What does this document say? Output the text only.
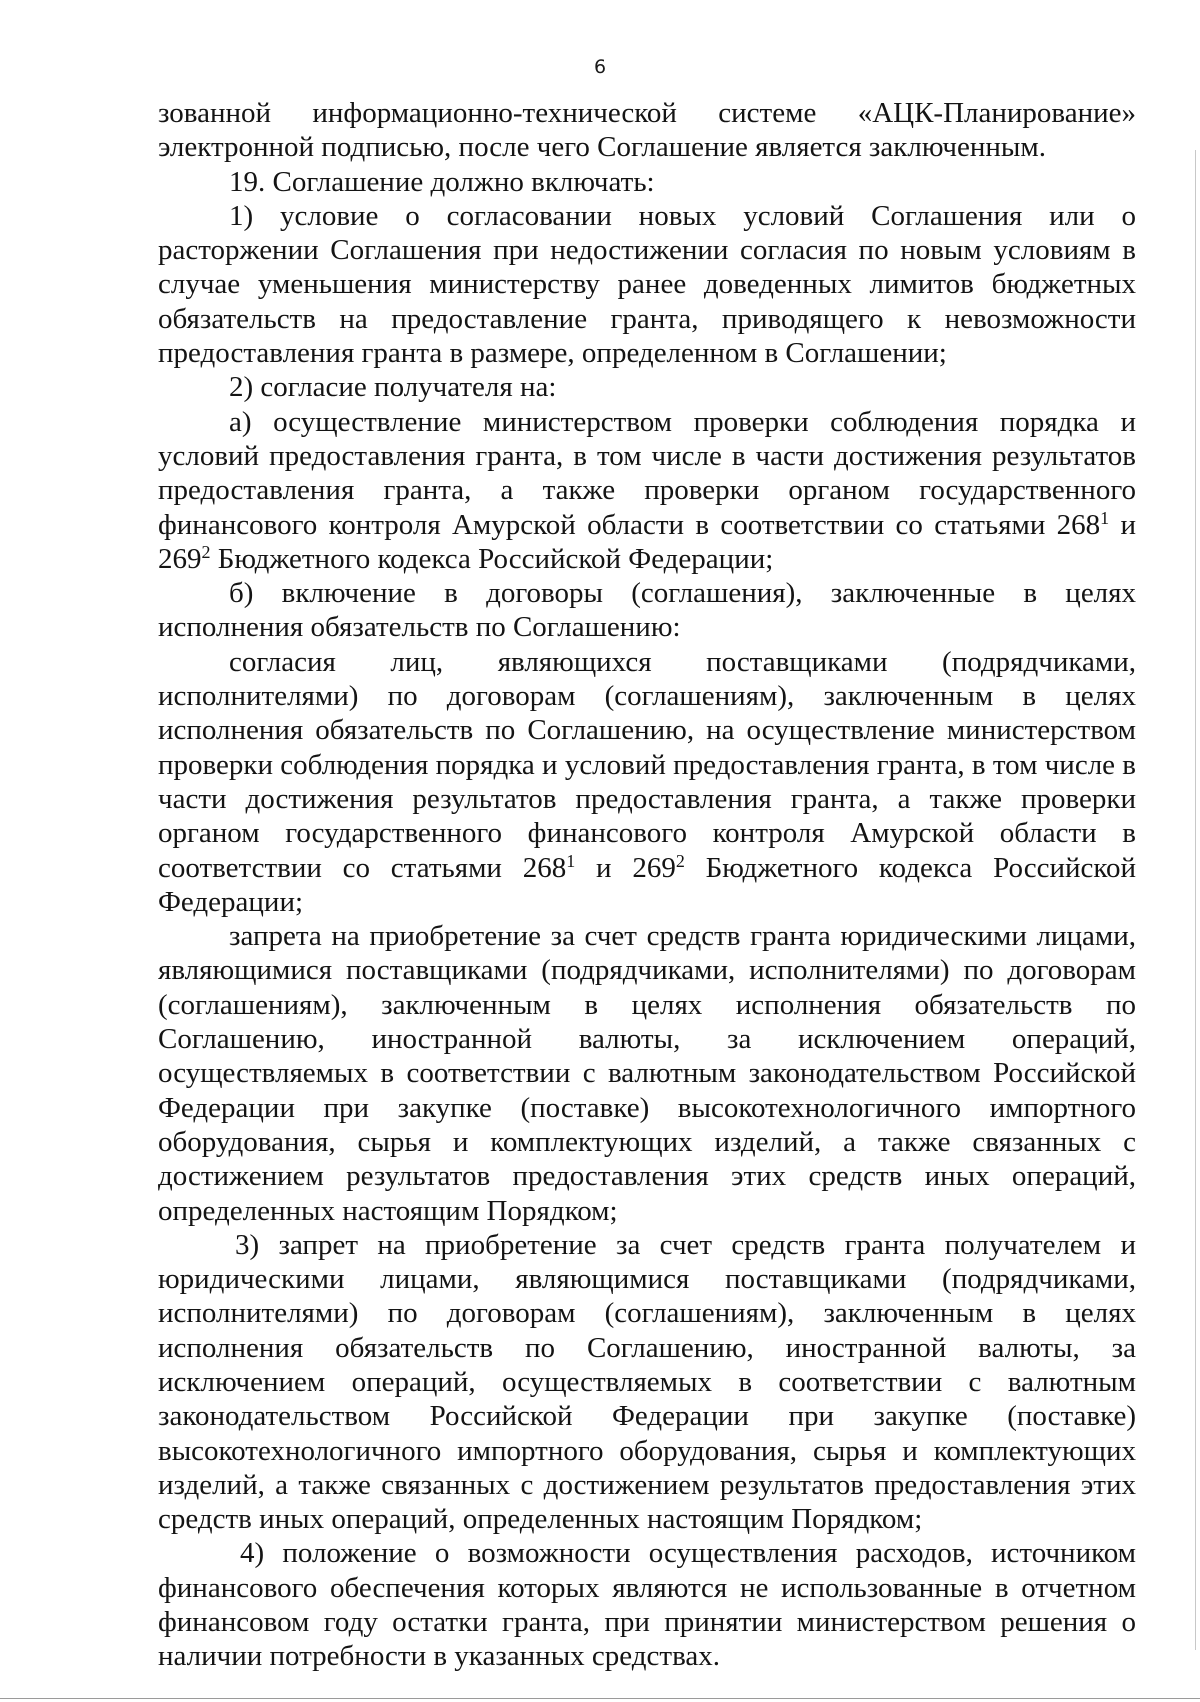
6

зованной информационно-технической системе «АЦК-Планирование» электронной подписью, после чего Соглашение является заключенным.

19. Соглашение должно включать:

1) условие о согласовании новых условий Соглашения или о расторжении Соглашения при недостижении согласия по новым условиям в случае уменьшения министерству ранее доведенных лимитов бюджетных обязательств на предоставление гранта, приводящего к невозможности предоставления гранта в размере, определенном в Соглашении;

2) согласие получателя на:

а) осуществление министерством проверки соблюдения порядка и условий предоставления гранта, в том числе в части достижения результатов предоставления гранта, а также проверки органом государственного финансового контроля Амурской области в соответствии со статьями $268^1$ и $269^2$ Бюджетного кодекса Российской Федерации;

б) включение в договоры (соглашения), заключенные в целях исполнения обязательств по Соглашению:

согласия лиц, являющихся поставщиками (подрядчиками, исполнителями) по договорам (соглашениям), заключенным в целях исполнения обязательств по Соглашению, на осуществление министерством проверки соблюдения порядка и условий предоставления гранта, в том числе в части достижения результатов предоставления гранта, а также проверки органом государственного финансового контроля Амурской области в соответствии со статьями $268^1$ и $269^2$ Бюджетного кодекса Российской Федерации;

запрета на приобретение за счет средств гранта юридическими лицами, являющимися поставщиками (подрядчиками, исполнителями) по договорам (соглашениям), заключенным в целях исполнения обязательств по Соглашению, иностранной валюты, за исключением операций, осуществляемых в соответствии с валютным законодательством Российской Федерации при закупке (поставке) высокотехнологичного импортного оборудования, сырья и комплектующих изделий, а также связанных с достижением результатов предоставления этих средств иных операций, определенных настоящим Порядком;

3) запрет на приобретение за счет средств гранта получателем и юридическими лицами, являющимися поставщиками (подрядчиками, исполнителями) по договорам (соглашениям), заключенным в целях исполнения обязательств по Соглашению, иностранной валюты, за исключением операций, осуществляемых в соответствии с валютным законодательством Российской Федерации при закупке (поставке) высокотехнологичного импортного оборудования, сырья и комплектующих изделий, а также связанных с достижением результатов предоставления этих средств иных операций, определенных настоящим Порядком;

4) положение о возможности осуществления расходов, источником финансового обеспечения которых являются не использованные в отчетном финансовом году остатки гранта, при принятии министерством решения о наличии потребности в указанных средствах.
